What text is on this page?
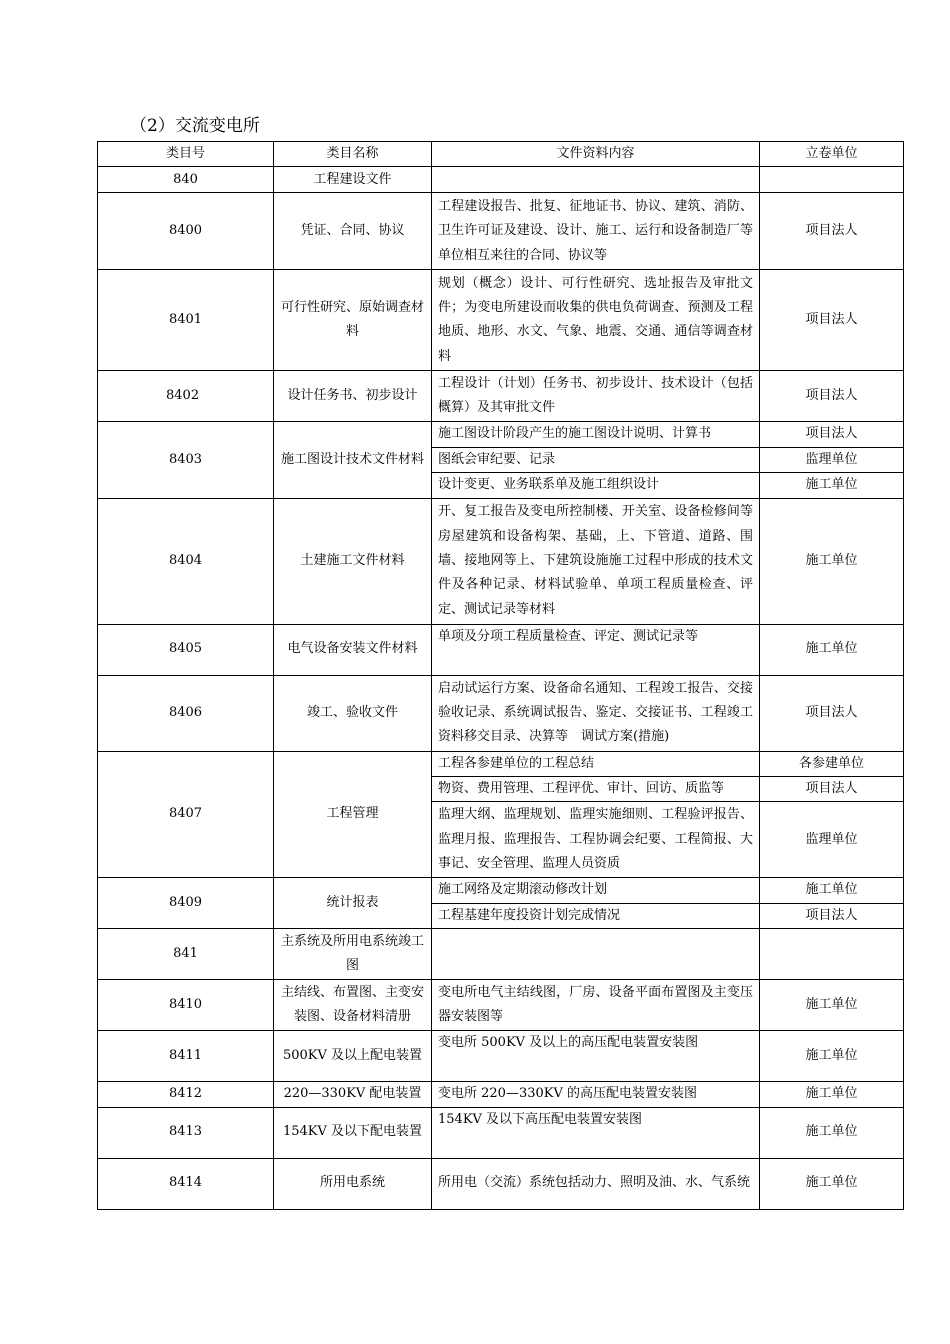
（2）交流变电所
类目号	类目名称	文件资料内容	立卷单位
840	工程建设文件		
8400	凭证、合同、协议	工程建设报告、批复、征地证书、协议、建筑、消防、卫生许可证及建设、设计、施工、运行和设备制造厂等单位相互来往的合同、协议等	项目法人
8401	可行性研究、原始调查材料	规划（概念）设计、可行性研究、选址报告及审批文件；为变电所建设而收集的供电负荷调查、预测及工程地质、地形、水文、气象、地震、交通、通信等调查材料	项目法人
8402	设计任务书、初步设计	工程设计（计划）任务书、初步设计、技术设计（包括概算）及其审批文件	项目法人
8403	施工图设计技术文件材料	施工图设计阶段产生的施工图设计说明、计算书	项目法人
		图纸会审纪要、记录	监理单位
		设计变更、业务联系单及施工组织设计	施工单位
8404	土建施工文件材料	开、复工报告及变电所控制楼、开关室、设备检修间等房屋建筑和设备构架、基础，上、下管道、道路、围墙、接地网等上、下建筑设施施工过程中形成的技术文件及各种记录、材料试验单、单项工程质量检查、评定、测试记录等材料	施工单位
8405	电气设备安装文件材料	单项及分项工程质量检查、评定、测试记录等	施工单位
8406	竣工、验收文件	启动试运行方案、设备命名通知、工程竣工报告、交接验收记录、系统调试报告、鉴定、交接证书、工程竣工资料移交目录、决算等　调试方案(措施)	项目法人
8407	工程管理	工程各参建单位的工程总结	各参建单位
		物资、费用管理、工程评优、审计、回访、质监等	项目法人
		监理大纲、监理规划、监理实施细则、工程验评报告、监理月报、监理报告、工程协调会纪要、工程简报、大事记、安全管理、监理人员资质	监理单位
8409	统计报表	施工网络及定期滚动修改计划	施工单位
		工程基建年度投资计划完成情况	项目法人
841	主系统及所用电系统竣工图		
8410	主结线、布置图、主变安装图、设备材料清册	变电所电气主结线图，厂房、设备平面布置图及主变压器安装图等	施工单位
8411	500KV 及以上配电装置	变电所 500KV 及以上的高压配电装置安装图	施工单位
8412	220—330KV 配电装置	变电所 220—330KV 的高压配电装置安装图	施工单位
8413	154KV 及以下配电装置	154KV 及以下高压配电装置安装图	施工单位
8414	所用电系统	所用电（交流）系统包括动力、照明及油、水、气系统	施工单位
